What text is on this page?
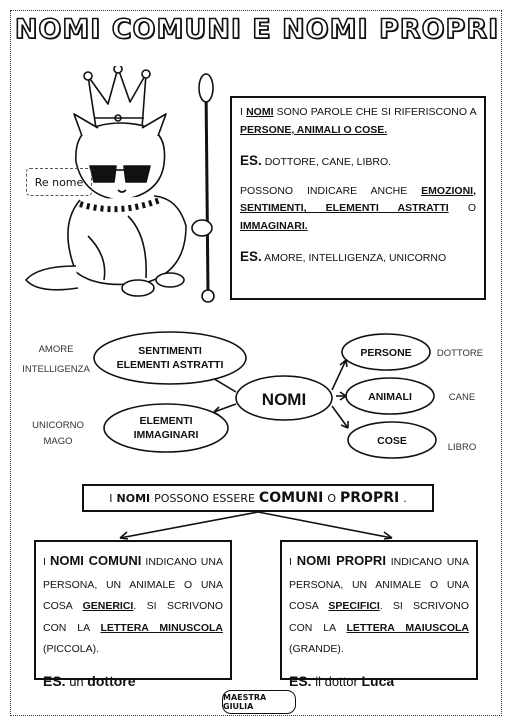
NOMI COMUNI E NOMI PROPRI
Re nome

I NOMI SONO PAROLE CHE SI RIFERISCONO A PERSONE, ANIMALI O COSE.

ES. DOTTORE, CANE, LIBRO.

POSSONO INDICARE ANCHE EMOZIONI, SENTIMENTI, ELEMENTI ASTRATTI O IMMAGINARI.

ES. AMORE, INTELLIGENZA, UNICORNO

SENTIMENTI
ELEMENTI ASTRATTI
ELEMENTI
IMMAGINARI
NOMI
PERSONE
ANIMALI
COSE
AMORE
INTELLIGENZA
UNICORNO
MAGO
DOTTORE
CANE
LIBRO
I NOMI POSSONO ESSERE COMUNI O PROPRI .
I NOMI COMUNI INDICANO UNA PERSONA, UN ANIMALE O UNA COSA GENERICI. SI SCRIVONO CON LA LETTERA MINUSCOLA (PICCOLA).
ES. un dottore
I NOMI PROPRI INDICANO UNA PERSONA, UN ANIMALE O UNA COSA SPECIFICI. SI SCRIVONO CON LA LETTERA MAIUSCOLA (GRANDE).
ES. il dottor Luca
MAESTRA GIULIA
